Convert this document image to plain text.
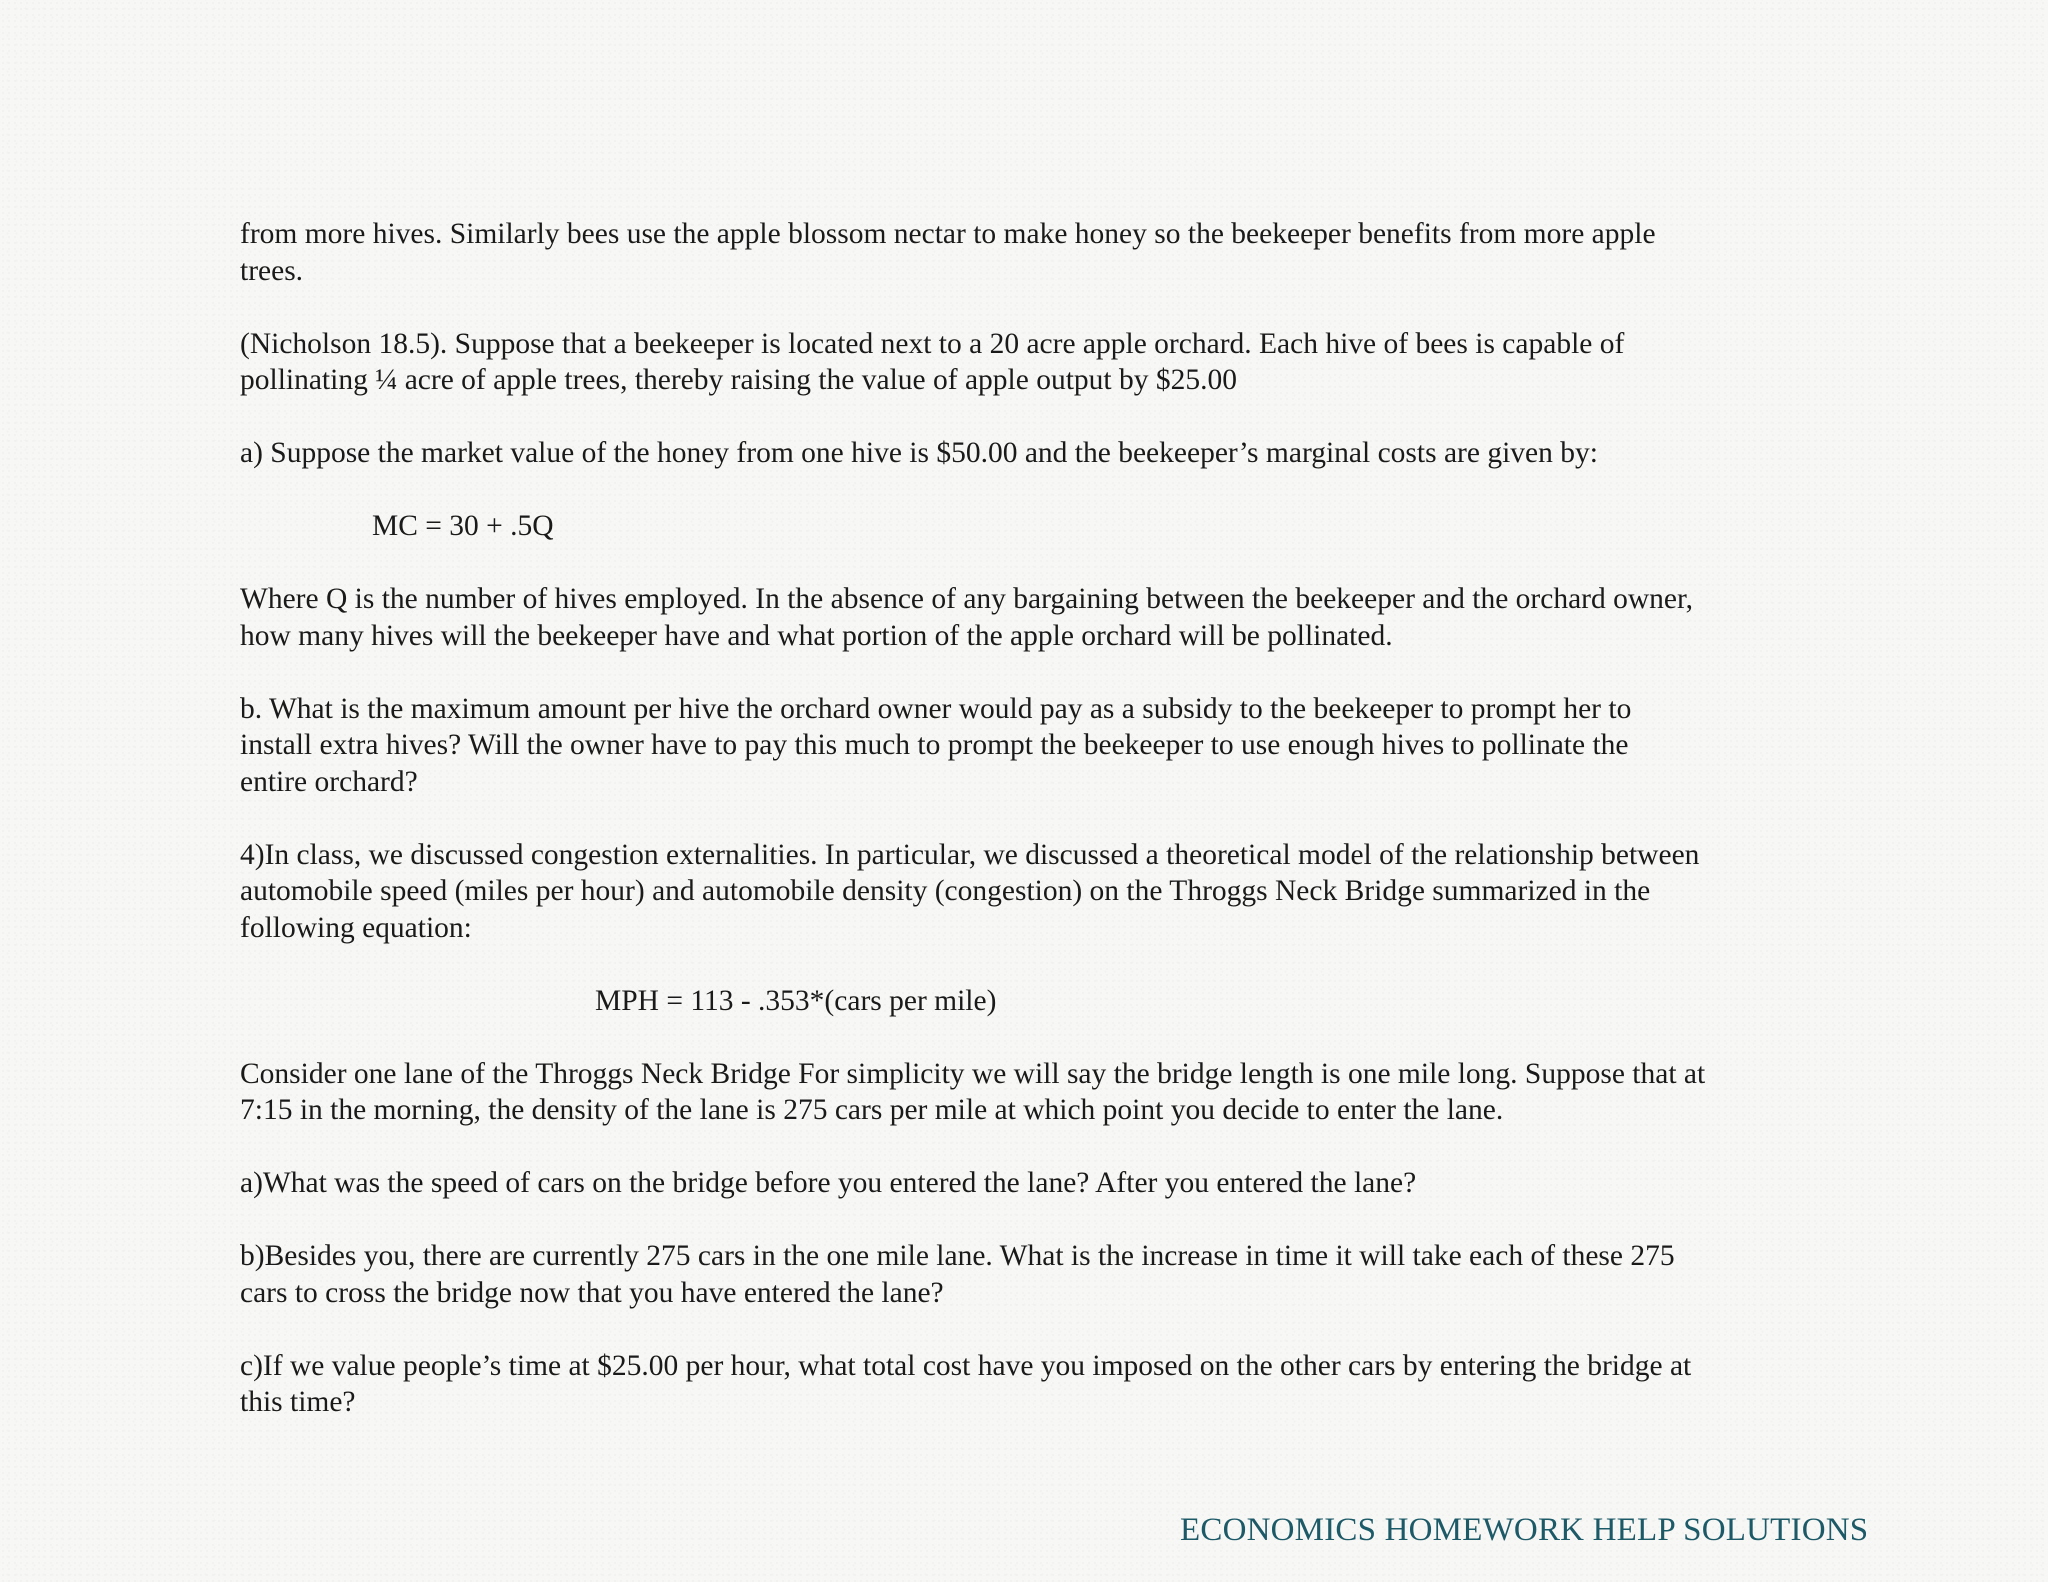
from more hives. Similarly bees use the apple blossom nectar to make honey so the beekeeper benefits from more apple
trees.

(Nicholson 18.5). Suppose that a beekeeper is located next to a 20 acre apple orchard. Each hive of bees is capable of
pollinating ¼ acre of apple trees, thereby raising the value of apple output by $25.00

a) Suppose the market value of the honey from one hive is $50.00 and the beekeeper’s marginal costs are given by:

MC = 30 + .5Q

Where Q is the number of hives employed. In the absence of any bargaining between the beekeeper and the orchard owner,
how many hives will the beekeeper have and what portion of the apple orchard will be pollinated.

b. What is the maximum amount per hive the orchard owner would pay as a subsidy to the beekeeper to prompt her to
install extra hives? Will the owner have to pay this much to prompt the beekeeper to use enough hives to pollinate the
entire orchard?

4)In class, we discussed congestion externalities. In particular, we discussed a theoretical model of the relationship between
automobile speed (miles per hour) and automobile density (congestion) on the Throggs Neck Bridge summarized in the
following equation:

MPH = 113 - .353*(cars per mile)

Consider one lane of the Throggs Neck Bridge For simplicity we will say the bridge length is one mile long. Suppose that at
7:15 in the morning, the density of the lane is 275 cars per mile at which point you decide to enter the lane.

a)What was the speed of cars on the bridge before you entered the lane? After you entered the lane?

b)Besides you, there are currently 275 cars in the one mile lane. What is the increase in time it will take each of these 275
cars to cross the bridge now that you have entered the lane?

c)If we value people’s time at $25.00 per hour, what total cost have you imposed on the other cars by entering the bridge at
this time?

ECONOMICS HOMEWORK HELP SOLUTIONS
